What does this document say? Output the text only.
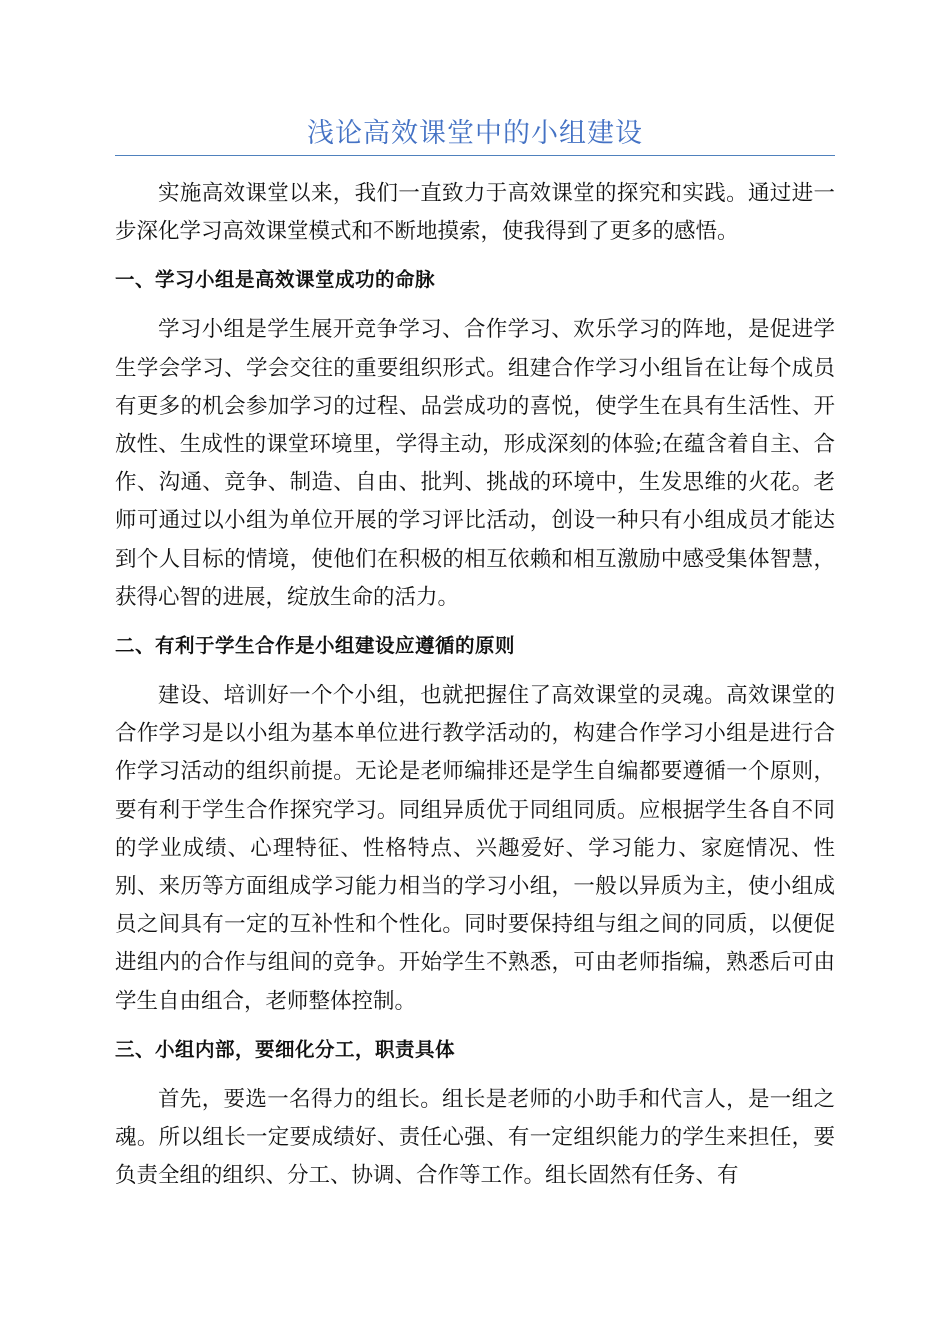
浅论高效课堂中的小组建设

实施高效课堂以来，我们一直致力于高效课堂的探究和实践。通过进一步深化学习高效课堂模式和不断地摸索，使我得到了更多的感悟。

一、学习小组是高效课堂成功的命脉

学习小组是学生展开竞争学习、合作学习、欢乐学习的阵地，是促进学生学会学习、学会交往的重要组织形式。组建合作学习小组旨在让每个成员有更多的机会参加学习的过程、品尝成功的喜悦，使学生在具有生活性、开放性、生成性的课堂环境里，学得主动，形成深刻的体验;在蕴含着自主、合作、沟通、竞争、制造、自由、批判、挑战的环境中，生发思维的火花。老师可通过以小组为单位开展的学习评比活动，创设一种只有小组成员才能达到个人目标的情境，使他们在积极的相互依赖和相互激励中感受集体智慧，获得心智的进展，绽放生命的活力。

二、有利于学生合作是小组建设应遵循的原则

建设、培训好一个个小组，也就把握住了高效课堂的灵魂。高效课堂的合作学习是以小组为基本单位进行教学活动的，构建合作学习小组是进行合作学习活动的组织前提。无论是老师编排还是学生自编都要遵循一个原则，要有利于学生合作探究学习。同组异质优于同组同质。应根据学生各自不同的学业成绩、心理特征、性格特点、兴趣爱好、学习能力、家庭情况、性别、来历等方面组成学习能力相当的学习小组，一般以异质为主，使小组成员之间具有一定的互补性和个性化。同时要保持组与组之间的同质，以便促进组内的合作与组间的竞争。开始学生不熟悉，可由老师指编，熟悉后可由学生自由组合，老师整体控制。

三、小组内部，要细化分工，职责具体

首先，要选一名得力的组长。组长是老师的小助手和代言人，是一组之魂。所以组长一定要成绩好、责任心强、有一定组织能力的学生来担任，要负责全组的组织、分工、协调、合作等工作。组长固然有任务、有
